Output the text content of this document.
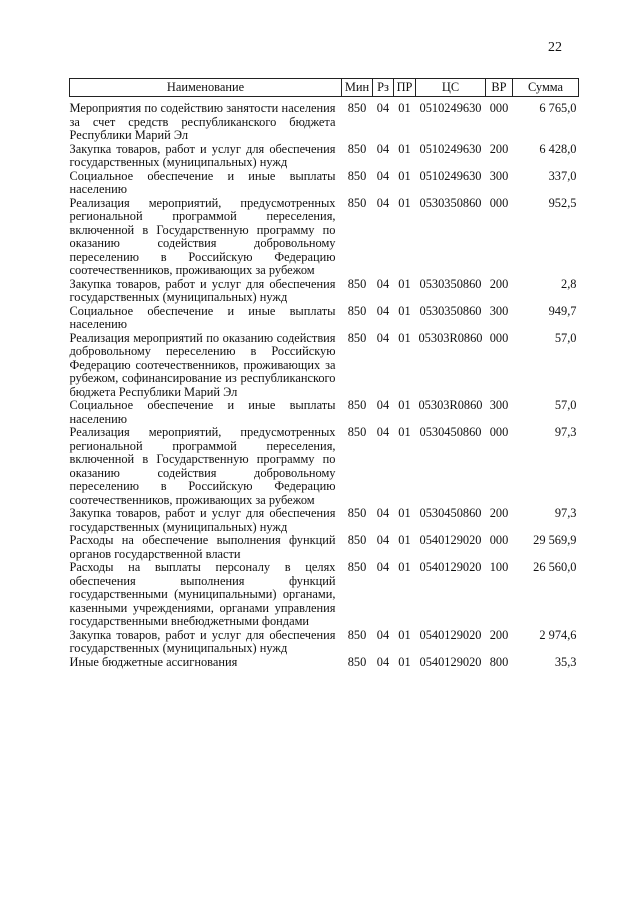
22
Наименование	Мин	Рз	ПР	ЦС	ВР	Сумма
Мероприятия по содействию занятости населения за счет средств республиканского бюджета Республики Марий Эл	850	04	01	0510249630	000	6 765,0
Закупка товаров, работ и услуг для обеспечения государственных (муниципальных) нужд	850	04	01	0510249630	200	6 428,0
Социальное обеспечение и иные выплаты населению	850	04	01	0510249630	300	337,0
Реализация мероприятий, предусмотренных региональной программой переселения, включенной в Государственную программу по оказанию содействия добровольному переселению в Российскую Федерацию соотечественников, проживающих за рубежом	850	04	01	0530350860	000	952,5
Закупка товаров, работ и услуг для обеспечения государственных (муниципальных) нужд	850	04	01	0530350860	200	2,8
Социальное обеспечение и иные выплаты населению	850	04	01	0530350860	300	949,7
Реализация мероприятий по оказанию содействия добровольному переселению в Российскую Федерацию соотечественников, проживающих за рубежом, софинансирование из республиканского бюджета Республики Марий Эл	850	04	01	05303R0860	000	57,0
Социальное обеспечение и иные выплаты населению	850	04	01	05303R0860	300	57,0
Реализация мероприятий, предусмотренных региональной программой переселения, включенной в Государственную программу по оказанию содействия добровольному переселению в Российскую Федерацию соотечественников, проживающих за рубежом	850	04	01	0530450860	000	97,3
Закупка товаров, работ и услуг для обеспечения государственных (муниципальных) нужд	850	04	01	0530450860	200	97,3
Расходы на обеспечение выполнения функций органов государственной власти	850	04	01	0540129020	000	29 569,9
Расходы на выплаты персоналу в целях обеспечения выполнения функций государственными (муниципальными) органами, казенными учреждениями, органами управления государственными внебюджетными фондами	850	04	01	0540129020	100	26 560,0
Закупка товаров, работ и услуг для обеспечения государственных (муниципальных) нужд	850	04	01	0540129020	200	2 974,6
Иные бюджетные ассигнования	850	04	01	0540129020	800	35,3
